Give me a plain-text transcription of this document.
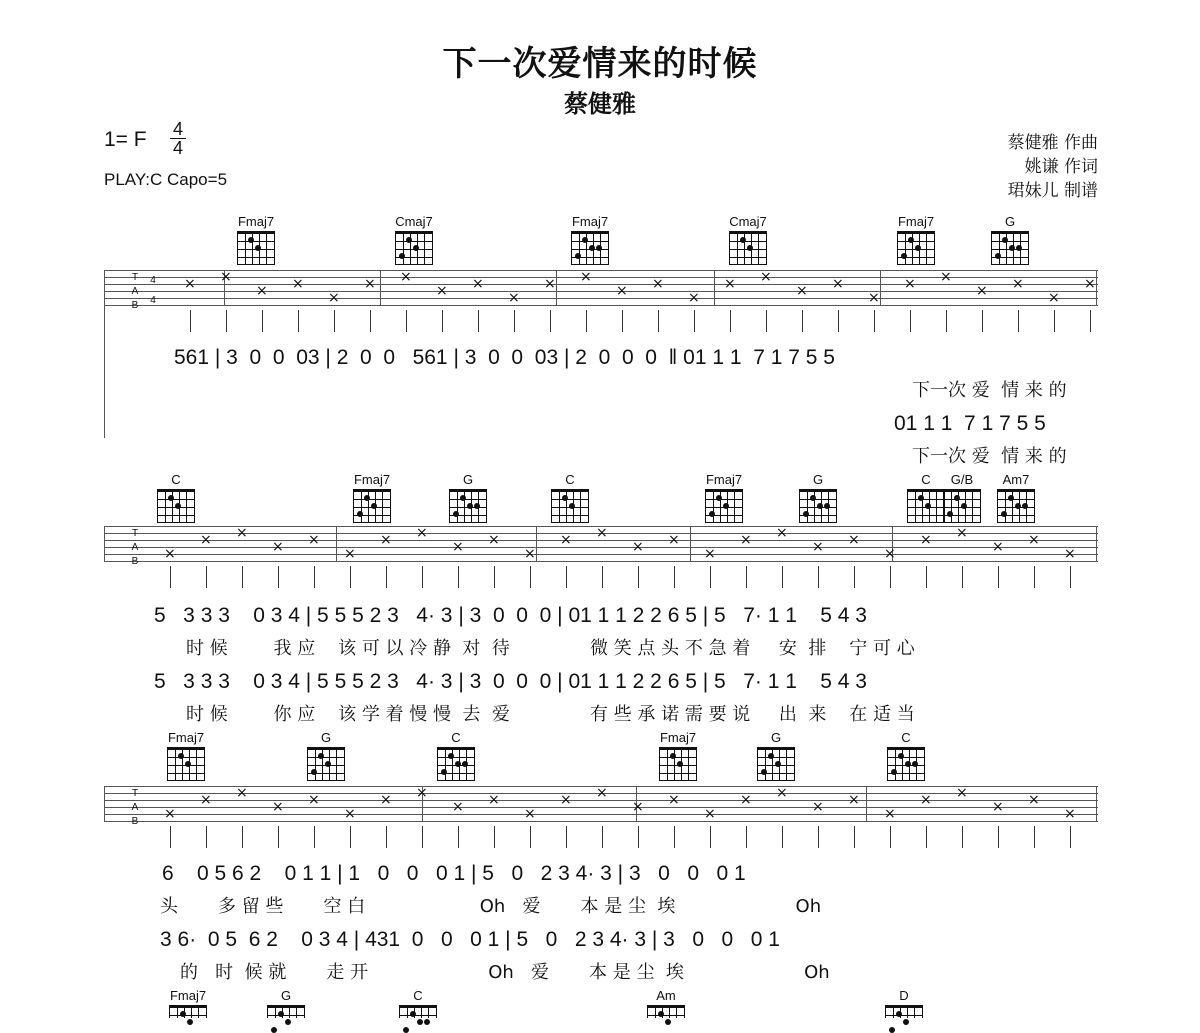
下一次爱情来的时候
蔡健雅
1= F 4
4
PLAY:C Capo=5
蔡健雅 作曲
姚谦 作词
珺妹儿 制谱
T
A
B
4
4
561 | 3  0  0  03 | 2  0  0   561 | 3  0  0  03 | 2  0  0  0  ‖ 01 1 1  7 1 7 5 5
下一次 爱  情 来 的
01 1 1  7 1 7 5 5
下一次 爱  情 来 的
T
A
B
5   3 3 3    0 3 4 | 5 5 5 2 3   4· 3 | 3  0  0  0 | 01 1 1 2 2 6 5 | 5   7· 1 1    5 4 3
时 候        我 应    该 可 以 冷 静  对  待              微 笑 点 头 不 急 着     安  排    宁 可 心
5   3 3 3    0 3 4 | 5 5 5 2 3   4· 3 | 3  0  0  0 | 01 1 1 2 2 6 5 | 5   7· 1 1    5 4 3
时 候        你 应    该 学 着 慢 慢  去  爱              有 些 承 诺 需 要 说     出  来    在 适 当
T
A
B
6    0 5 6 2    0 1 1 | 1   0   0   0 1 | 5   0   2 3 4· 3 | 3   0   0   0 1
头       多 留 些       空 白                    Oh   爱       本 是 尘  埃                     Oh
3 6·  0 5  6 2    0 3 4 | 431  0   0   0 1 | 5   0   2 3 4· 3 | 3   0   0   0 1
的   时  候 就       走 开                     Oh   爱       本 是 尘  埃                     Oh
Fmaj7	Cmaj7	Fmaj7	Cmaj7	Fmaj7	G
C	Fmaj7	G	C	Fmaj7	G	C	G/B	Am7
Fmaj7	G	C	Fmaj7	G	C
Fmaj7	G	C	Am	D
× ×
× ×
×
× ×
× ×
×
× ×
× ×
×
× ×
× ×
×
× ×
× ×
×
×
×
× ×
× ×
×
× ×
× ×
×
× ×
× ×
×
× ×
× ×
×
× ×
× ×
×
×
× ×
× ×
×
× ×
× ×
×
× ×
× ×
×
× ×
× ×
×
× ×
× ×
×
